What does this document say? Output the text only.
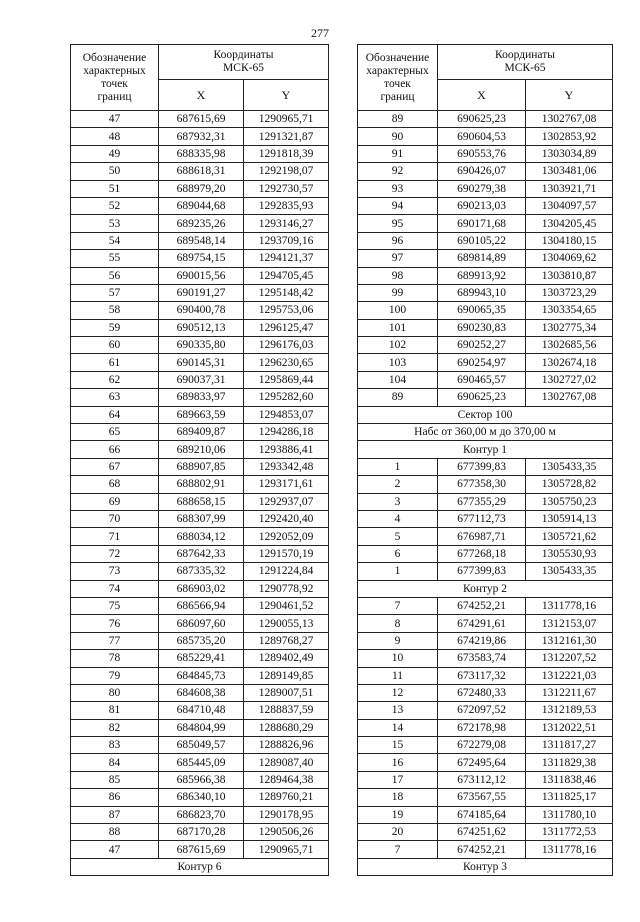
277
Обозначение
характерных
точек
границ	Координаты
МСК-65	
	X	Y
47	687615,69	1290965,71
48	687932,31	1291321,87
49	688335,98	1291818,39
50	688618,31	1292198,07
51	688979,20	1292730,57
52	689044,68	1292835,93
53	689235,26	1293146,27
54	689548,14	1293709,16
55	689754,15	1294121,37
56	690015,56	1294705,45
57	690191,27	1295148,42
58	690400,78	1295753,06
59	690512,13	1296125,47
60	690335,80	1296176,03
61	690145,31	1296230,65
62	690037,31	1295869,44
63	689833,97	1295282,60
64	689663,59	1294853,07
65	689409,87	1294286,18
66	689210,06	1293886,41
67	688907,85	1293342,48
68	688802,91	1293171,61
69	688658,15	1292937,07
70	688307,99	1292420,40
71	688034,12	1292052,09
72	687642,33	1291570,19
73	687335,32	1291224,84
74	686903,02	1290778,92
75	686566,94	1290461,52
76	686097,60	1290055,13
77	685735,20	1289768,27
78	685229,41	1289402,49
79	684845,73	1289149,85
80	684608,38	1289007,51
81	684710,48	1288837,59
82	684804,99	1288680,29
83	685049,57	1288826,96
84	685445,09	1289087,40
85	685966,38	1289464,38
86	686340,10	1289760,21
87	686823,70	1290178,95
88	687170,28	1290506,26
47	687615,69	1290965,71
Контур 6		
Обозначение
характерных
точек
границ	Координаты
МСК-65	
	X	Y
89	690625,23	1302767,08
90	690604,53	1302853,92
91	690553,76	1303034,89
92	690426,07	1303481,06
93	690279,38	1303921,71
94	690213,03	1304097,57
95	690171,68	1304205,45
96	690105,22	1304180,15
97	689814,89	1304069,62
98	689913,92	1303810,87
99	689943,10	1303723,29
100	690065,35	1303354,65
101	690230,83	1302775,34
102	690252,27	1302685,56
103	690254,97	1302674,18
104	690465,57	1302727,02
89	690625,23	1302767,08
Сектор 100		
Набс от 360,00 м до 370,00 м		
Контур 1		
1	677399,83	1305433,35
2	677358,30	1305728,82
3	677355,29	1305750,23
4	677112,73	1305914,13
5	676987,71	1305721,62
6	677268,18	1305530,93
1	677399,83	1305433,35
Контур 2		
7	674252,21	1311778,16
8	674291,61	1312153,07
9	674219,86	1312161,30
10	673583,74	1312207,52
11	673117,32	1312221,03
12	672480,33	1312211,67
13	672097,52	1312189,53
14	672178,98	1312022,51
15	672279,08	1311817,27
16	672495,64	1311829,38
17	673112,12	1311838,46
18	673567,55	1311825,17
19	674185,64	1311780,10
20	674251,62	1311772,53
7	674252,21	1311778,16
Контур 3		
